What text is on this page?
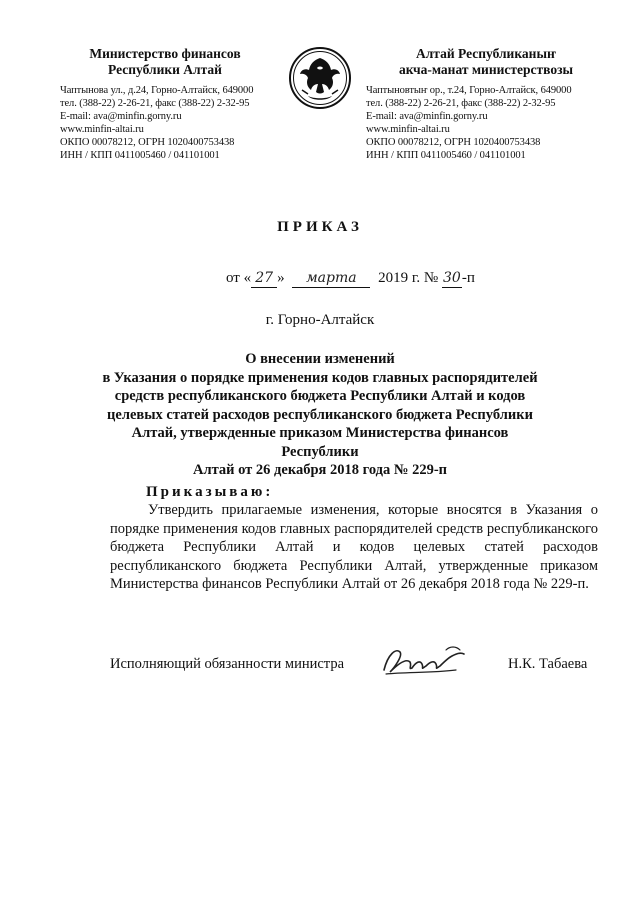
Министерство финансов
Республики Алтай
Чаптынова ул., д.24, Горно-Алтайск, 649000
тел. (388-22) 2-26-21, факс (388-22) 2-32-95
E-mail: ava@minfin.gorny.ru
www.minfin-altai.ru
ОКПО 00078212, ОГРН 1020400753438
ИНН / КПП 0411005460 / 041101001
Алтай Республиканыҥ
акча-манат министерствозы
Чаптыновтыҥ ор., т.24, Горно-Алтайск, 649000
тел. (388-22) 2-26-21, факс (388-22) 2-32-95
E-mail: ava@minfin.gorny.ru
www.minfin-altai.ru
ОКПО 00078212, ОГРН 1020400753438
ИНН / КПП 0411005460 / 041101001
ПРИКАЗ
от « 27 » марта 2019 г. № 30-п
г. Горно-Алтайск
О внесении изменений
в Указания о порядке применения кодов главных распорядителей
средств республиканского бюджета Республики Алтай и кодов
целевых статей расходов республиканского бюджета Республики
Алтай, утвержденные приказом Министерства финансов Республики
Алтай от 26 декабря 2018 года № 229-п
Приказываю:
Утвердить прилагаемые изменения, которые вносятся в Указания о порядке применения кодов главных распорядителей средств республиканского бюджета Республики Алтай и кодов целевых статей расходов республиканского бюджета Республики Алтай, утвержденные приказом Министерства финансов Республики Алтай от 26 декабря 2018 года № 229-п.
Исполняющий обязанности министра	Н.К. Табаева
